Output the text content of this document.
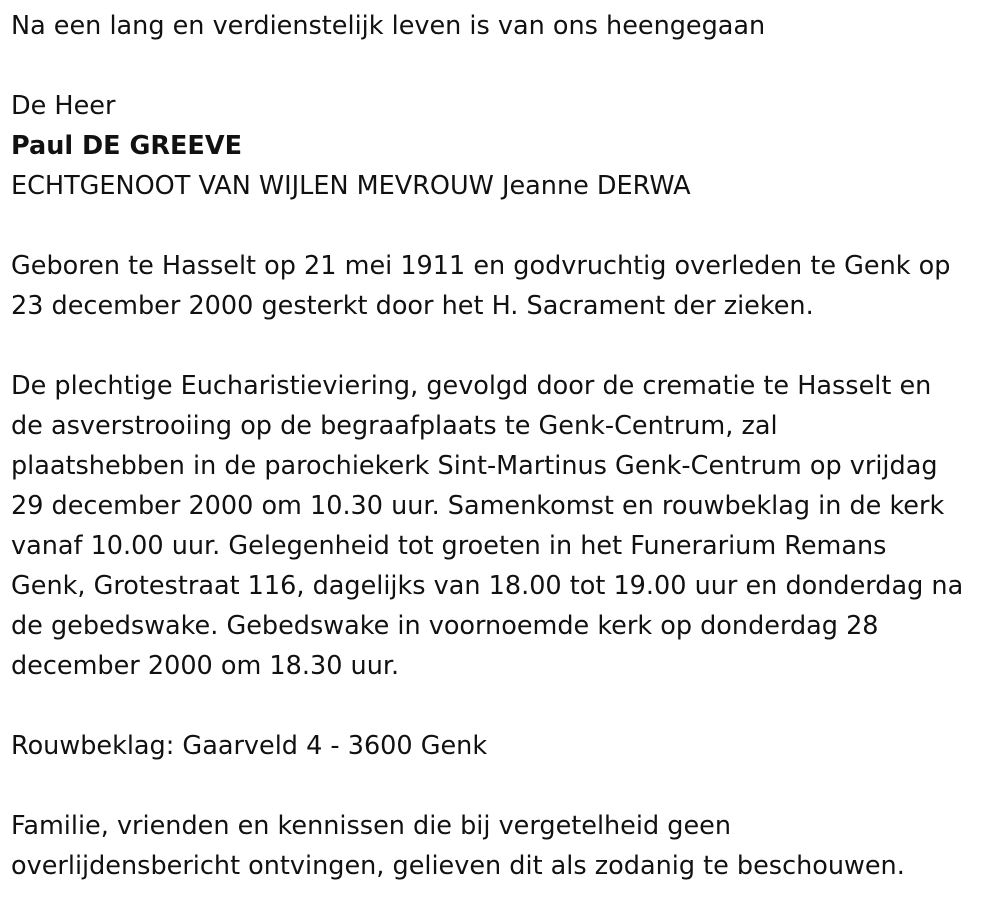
Na een lang en verdienstelijk leven is van ons heengegaan

De Heer

Paul DE GREEVE

ECHTGENOOT VAN WIJLEN MEVROUW Jeanne DERWA

Geboren te Hasselt op 21 mei 1911 en godvruchtig overleden te Genk op

23 december 2000 gesterkt door het H. Sacrament der zieken.

De plechtige Eucharistieviering, gevolgd door de crematie te Hasselt en

de asverstrooiing op de begraafplaats te Genk-Centrum, zal

plaatshebben in de parochiekerk Sint-Martinus Genk-Centrum op vrijdag

29 december 2000 om 10.30 uur. Samenkomst en rouwbeklag in de kerk

vanaf 10.00 uur. Gelegenheid tot groeten in het Funerarium Remans

Genk, Grotestraat 116, dagelijks van 18.00 tot 19.00 uur en donderdag na

de gebedswake. Gebedswake in voornoemde kerk op donderdag 28

december 2000 om 18.30 uur.

Rouwbeklag: Gaarveld 4 - 3600 Genk

Familie, vrienden en kennissen die bij vergetelheid geen

overlijdensbericht ontvingen, gelieven dit als zodanig te beschouwen.
